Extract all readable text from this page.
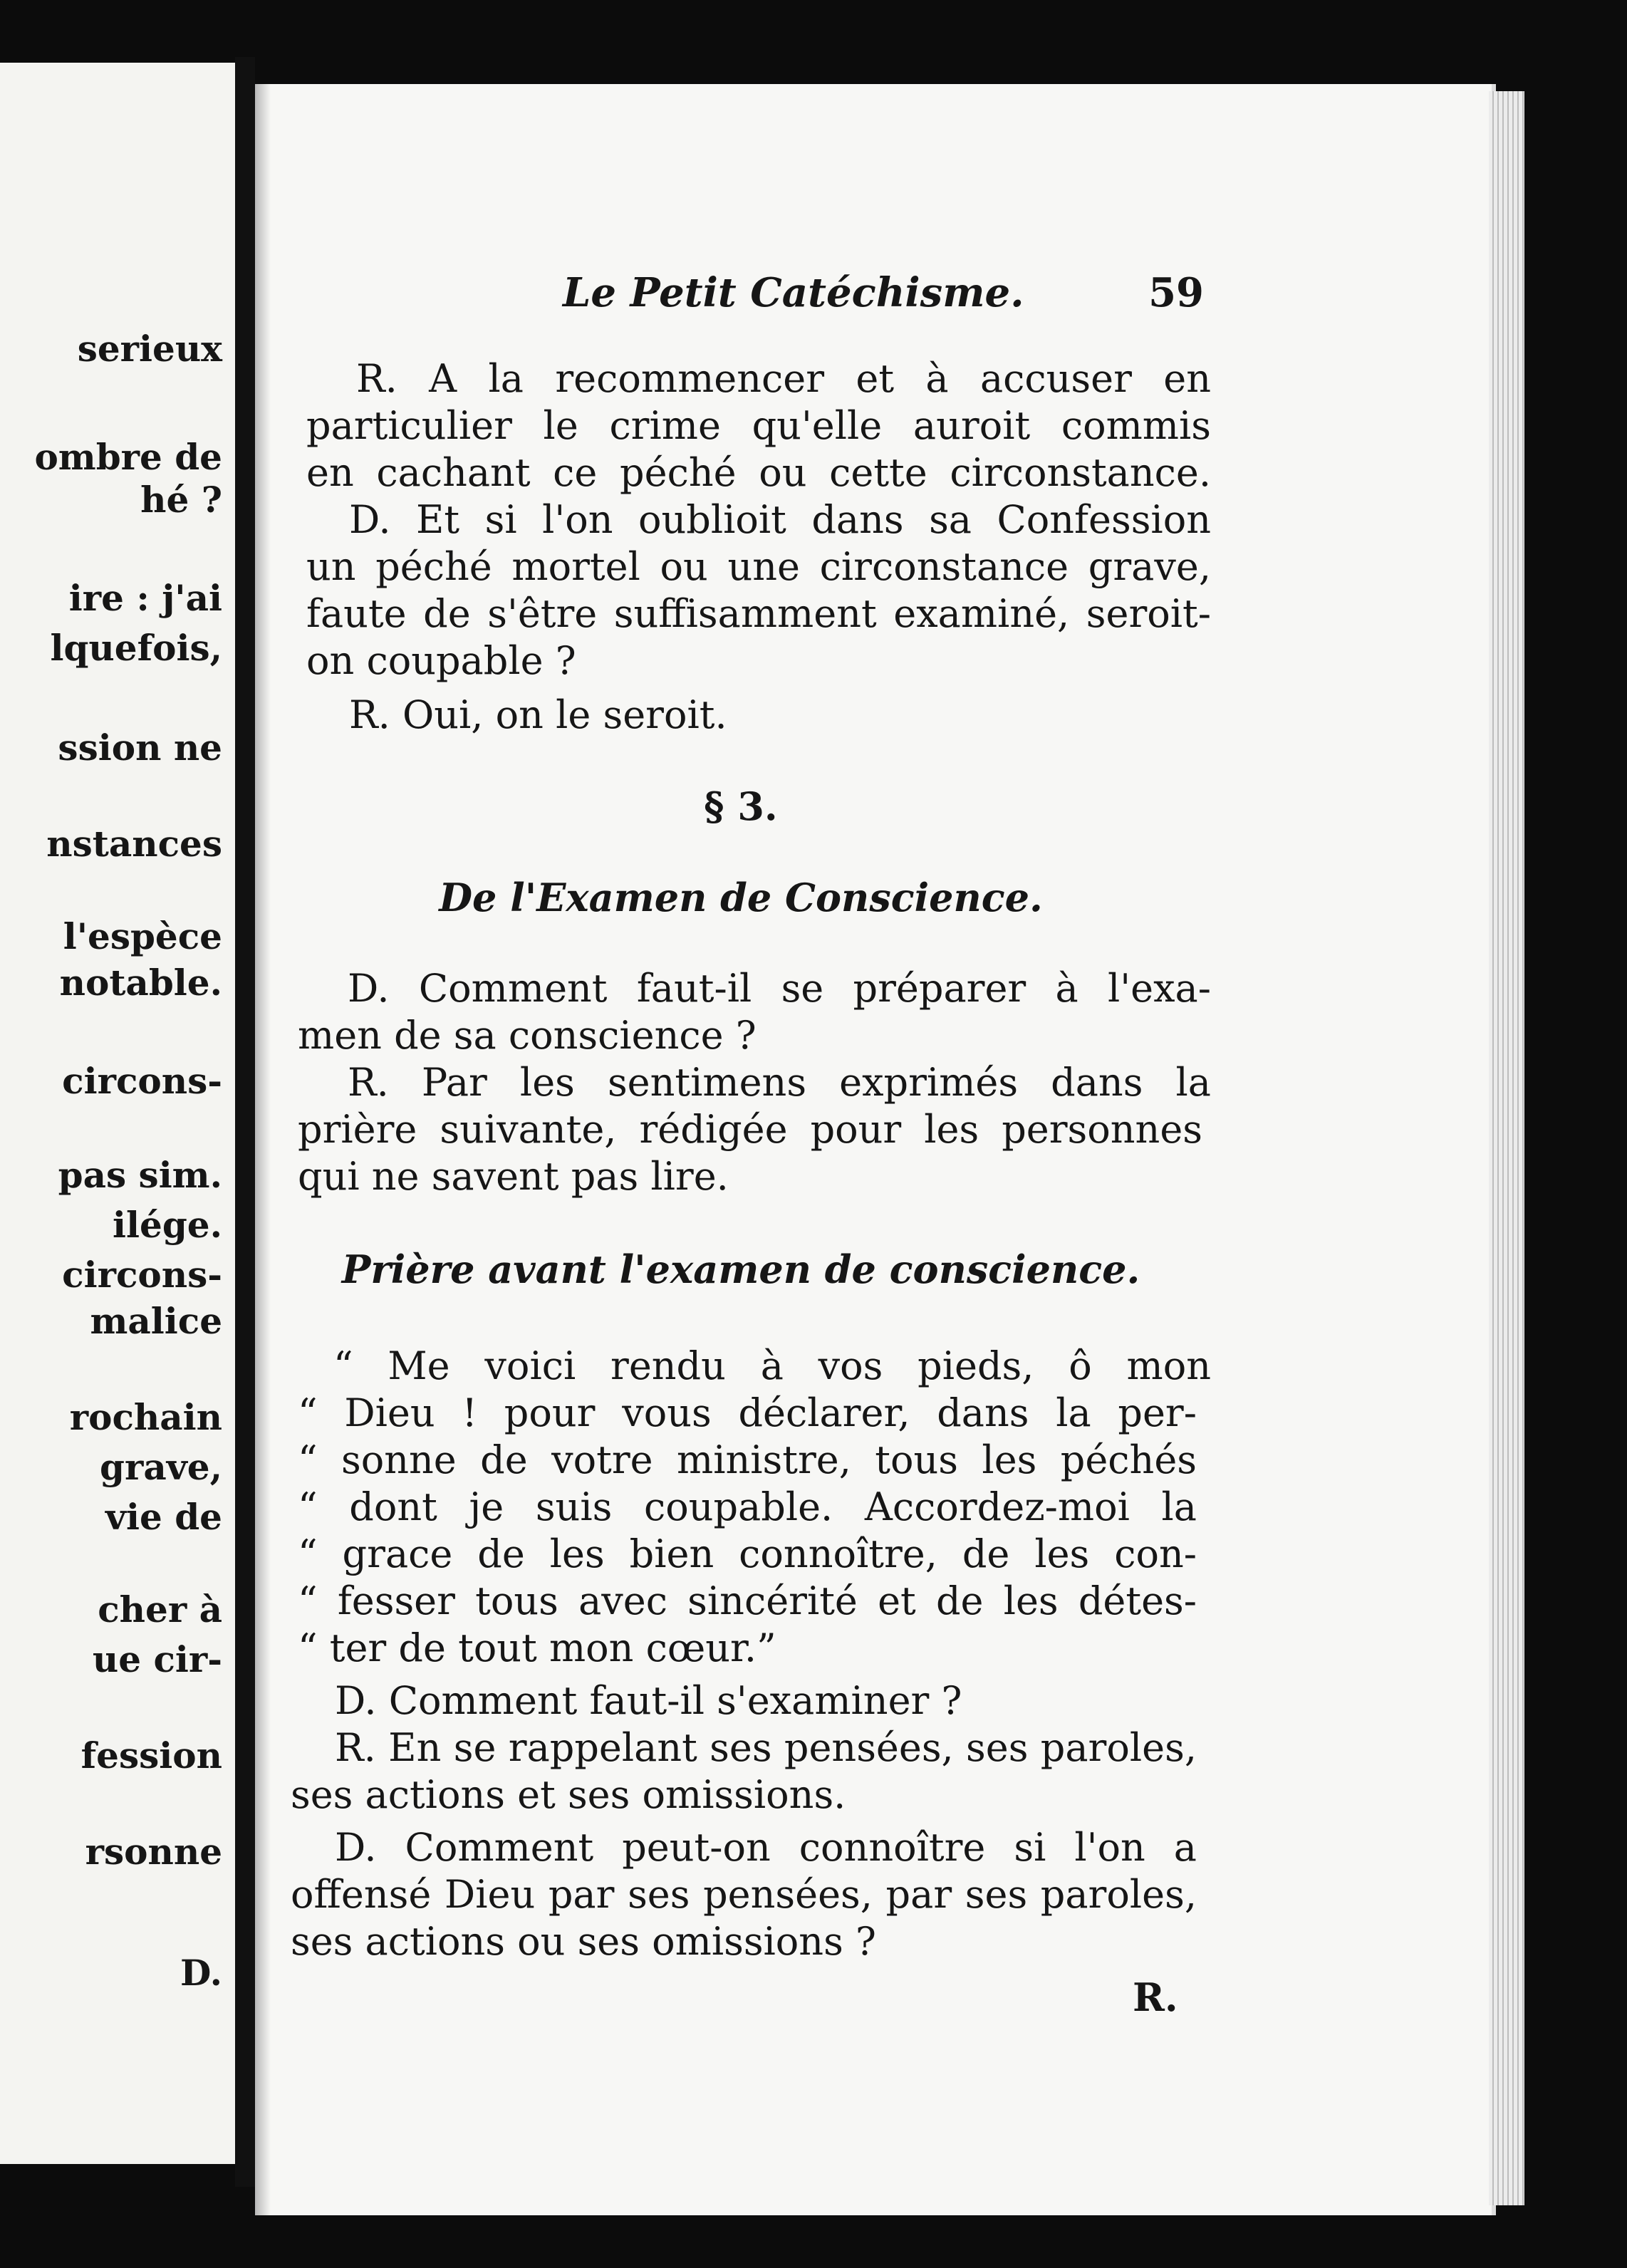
serieux
ombre de
hé ?
ire : j'ai
lquefois,
ssion ne
nstances
l'espèce
notable.
circons-
pas sim.
ilége.
circons-
malice
rochain
grave,
vie de
cher à
ue cir-
fession
rsonne
D.
Le Petit Catéchisme.	59
R. A la recommencer et à accuser en
particulier le crime qu'elle auroit commis
en cachant ce péché ou cette circonstance.
D. Et si l'on oublioit dans sa Confession
un péché mortel ou une circonstance grave,
faute de s'être suffisamment examiné, seroit-
on coupable ?
R. Oui, on le seroit.
§ 3.
De l'Examen de Conscience.
D. Comment faut-il se préparer à l'exa-
men de sa conscience ?
R. Par les sentimens exprimés dans la
prière suivante, rédigée pour les personnes
qui ne savent pas lire.
Prière avant l'examen de conscience.
“ Me voici rendu à vos pieds, ô mon
“ Dieu ! pour vous déclarer, dans la per-
“ sonne de votre ministre, tous les péchés
“ dont je suis coupable. Accordez-moi la
“ grace de les bien connoître, de les con-
“ fesser tous avec sincérité et de les détes-
“ ter de tout mon cœur.”
D. Comment faut-il s'examiner ?
R. En se rappelant ses pensées, ses paroles,
ses actions et ses omissions.
D. Comment peut-on connoître si l'on a
offensé Dieu par ses pensées, par ses paroles,
ses actions ou ses omissions ?
R.
